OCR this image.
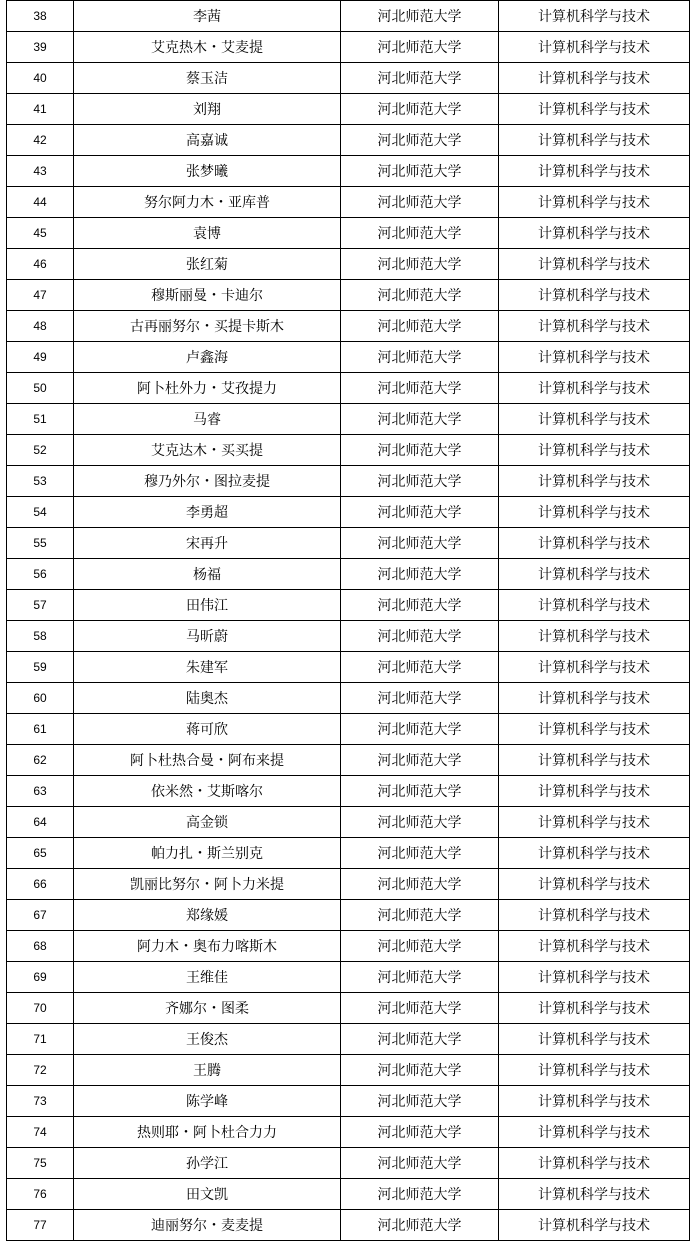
38	李茜	河北师范大学	计算机科学与技术
39	艾克热木・艾麦提	河北师范大学	计算机科学与技术
40	蔡玉洁	河北师范大学	计算机科学与技术
41	刘翔	河北师范大学	计算机科学与技术
42	高嘉诚	河北师范大学	计算机科学与技术
43	张梦曦	河北师范大学	计算机科学与技术
44	努尔阿力木・亚库普	河北师范大学	计算机科学与技术
45	袁博	河北师范大学	计算机科学与技术
46	张红菊	河北师范大学	计算机科学与技术
47	穆斯丽曼・卡迪尔	河北师范大学	计算机科学与技术
48	古再丽努尔・买提卡斯木	河北师范大学	计算机科学与技术
49	卢鑫海	河北师范大学	计算机科学与技术
50	阿卜杜外力・艾孜提力	河北师范大学	计算机科学与技术
51	马睿	河北师范大学	计算机科学与技术
52	艾克达木・买买提	河北师范大学	计算机科学与技术
53	穆乃外尔・图拉麦提	河北师范大学	计算机科学与技术
54	李勇超	河北师范大学	计算机科学与技术
55	宋再升	河北师范大学	计算机科学与技术
56	杨福	河北师范大学	计算机科学与技术
57	田伟江	河北师范大学	计算机科学与技术
58	马昕蔚	河北师范大学	计算机科学与技术
59	朱建军	河北师范大学	计算机科学与技术
60	陆奥杰	河北师范大学	计算机科学与技术
61	蒋可欣	河北师范大学	计算机科学与技术
62	阿卜杜热合曼・阿布来提	河北师范大学	计算机科学与技术
63	依米然・艾斯喀尔	河北师范大学	计算机科学与技术
64	高金锁	河北师范大学	计算机科学与技术
65	帕力扎・斯兰别克	河北师范大学	计算机科学与技术
66	凯丽比努尔・阿卜力米提	河北师范大学	计算机科学与技术
67	郑缘媛	河北师范大学	计算机科学与技术
68	阿力木・奥布力喀斯木	河北师范大学	计算机科学与技术
69	王维佳	河北师范大学	计算机科学与技术
70	齐娜尔・图柔	河北师范大学	计算机科学与技术
71	王俊杰	河北师范大学	计算机科学与技术
72	王腾	河北师范大学	计算机科学与技术
73	陈学峰	河北师范大学	计算机科学与技术
74	热则耶・阿卜杜合力力	河北师范大学	计算机科学与技术
75	孙学江	河北师范大学	计算机科学与技术
76	田文凯	河北师范大学	计算机科学与技术
77	迪丽努尔・麦麦提	河北师范大学	计算机科学与技术
